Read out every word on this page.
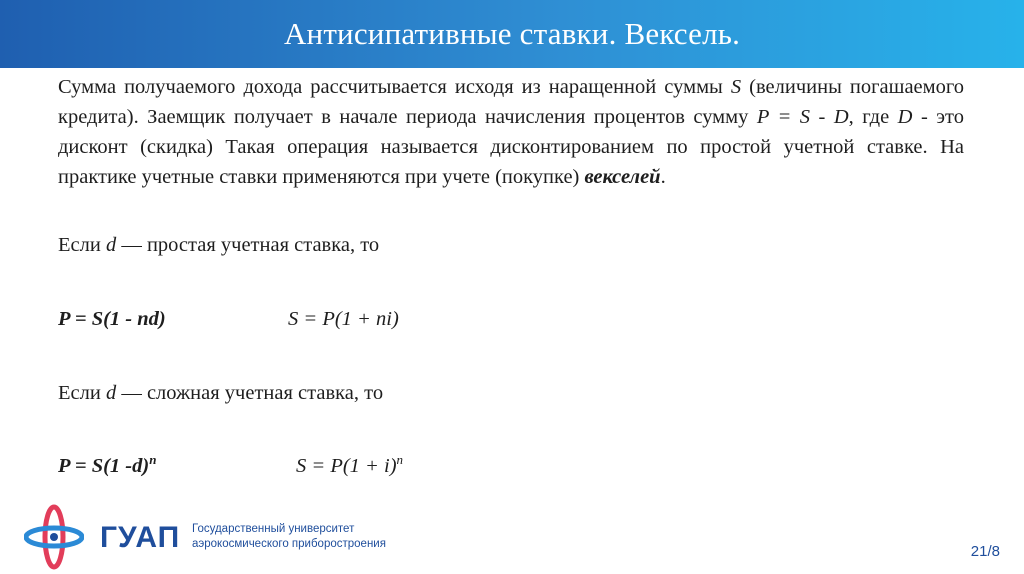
Антисипативные ставки. Вексель.

Сумма получаемого дохода рассчитывается исходя из наращенной суммы S (величины погашаемого кредита). Заемщик получает в начале периода начисления процентов сумму P = S - D, где D - это дисконт (скидка) Такая операция называется дисконтированием по простой учетной ставке. На практике учетные ставки применяются при учете (покупке) векселей.

Если d — простая учетная ставка, то
P = S(1 - nd)	S = P(1 + ni)
Если d — сложная учетная ставка, то
P = S(1 -d)$^n$	$S = P(1 + i)^n$
ГУАП Государственный университет
аэрокосмического приборостроения	21/8
